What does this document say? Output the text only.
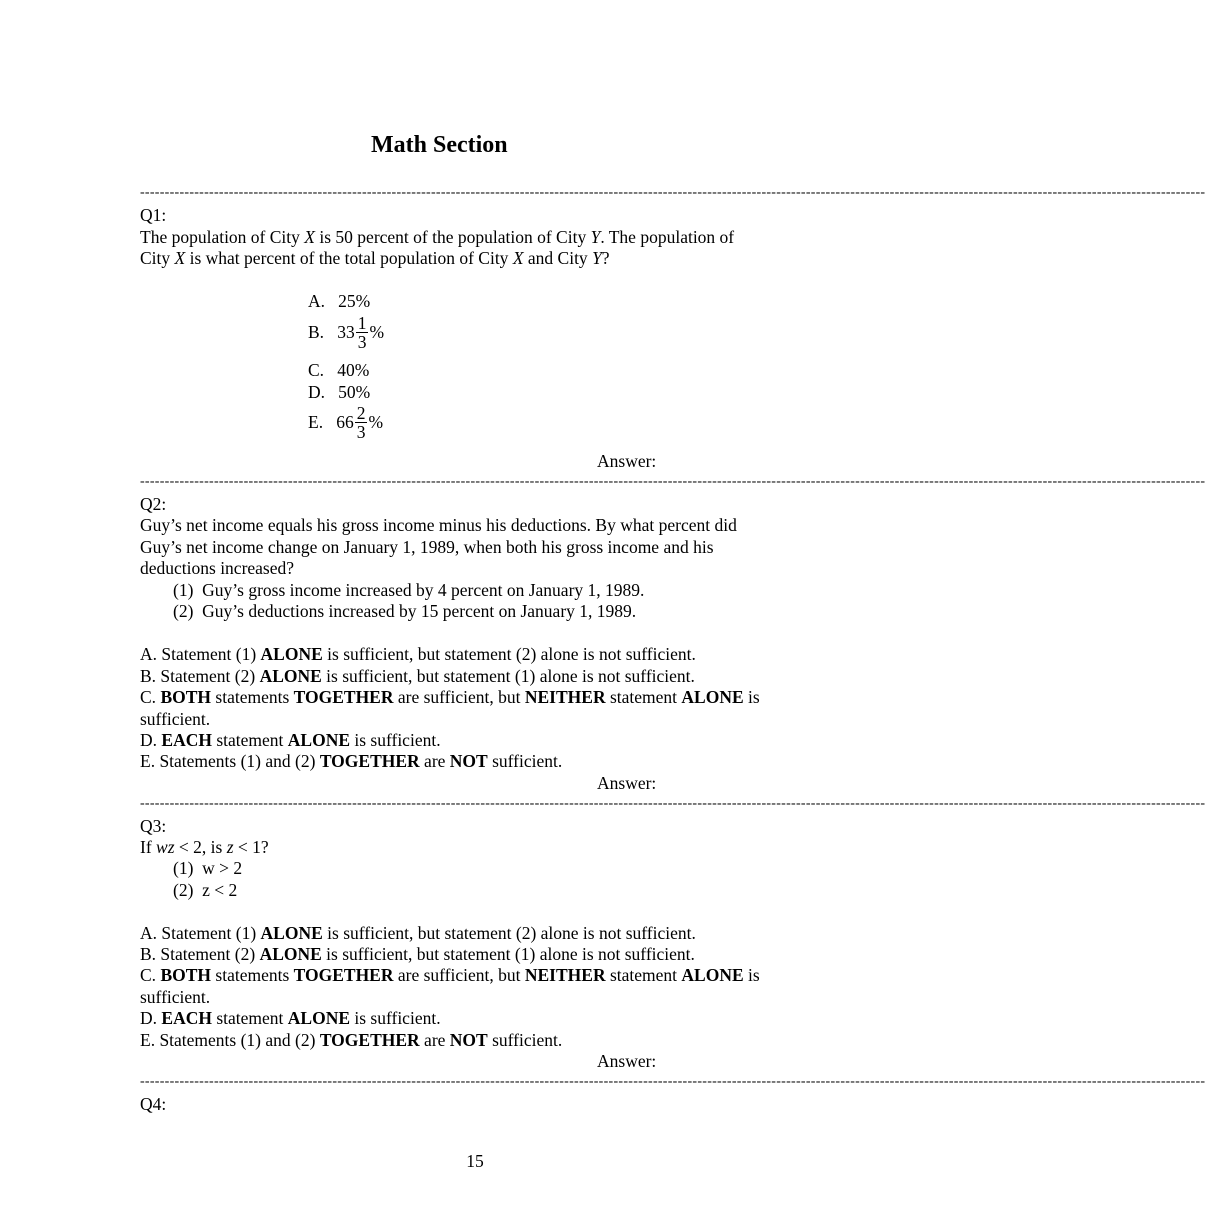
Math Section
------------------------------------------------------------------------------------------------------------------------------------------------------------------------------------------------------------------------
Q1:
The population of City X is 50 percent of the population of City Y. The population of
City X is what percent of the total population of City X and City Y?
A. 25%
B. $33 \frac{1}{3}$ %
C. 40%
D. 50%
E. $66 \frac{2}{3}$ %
Answer:
------------------------------------------------------------------------------------------------------------------------------------------------------------------------------------------------------------------------
Q2:
Guy’s net income equals his gross income minus his deductions. By what percent did
Guy’s net income change on January 1, 1989, when both his gross income and his
deductions increased?
(1) Guy’s gross income increased by 4 percent on January 1, 1989.
(2) Guy’s deductions increased by 15 percent on January 1, 1989.
A. Statement (1) ALONE is sufficient, but statement (2) alone is not sufficient.
B. Statement (2) ALONE is sufficient, but statement (1) alone is not sufficient.
C. BOTH statements TOGETHER are sufficient, but NEITHER statement ALONE is
sufficient.
D. EACH statement ALONE is sufficient.
E. Statements (1) and (2) TOGETHER are NOT sufficient.
Answer:
------------------------------------------------------------------------------------------------------------------------------------------------------------------------------------------------------------------------
Q3:
If wz < 2, is z < 1?
(1) w > 2
(2) z < 2
A. Statement (1) ALONE is sufficient, but statement (2) alone is not sufficient.
B. Statement (2) ALONE is sufficient, but statement (1) alone is not sufficient.
C. BOTH statements TOGETHER are sufficient, but NEITHER statement ALONE is
sufficient.
D. EACH statement ALONE is sufficient.
E. Statements (1) and (2) TOGETHER are NOT sufficient.
Answer:
------------------------------------------------------------------------------------------------------------------------------------------------------------------------------------------------------------------------
Q4:
15
